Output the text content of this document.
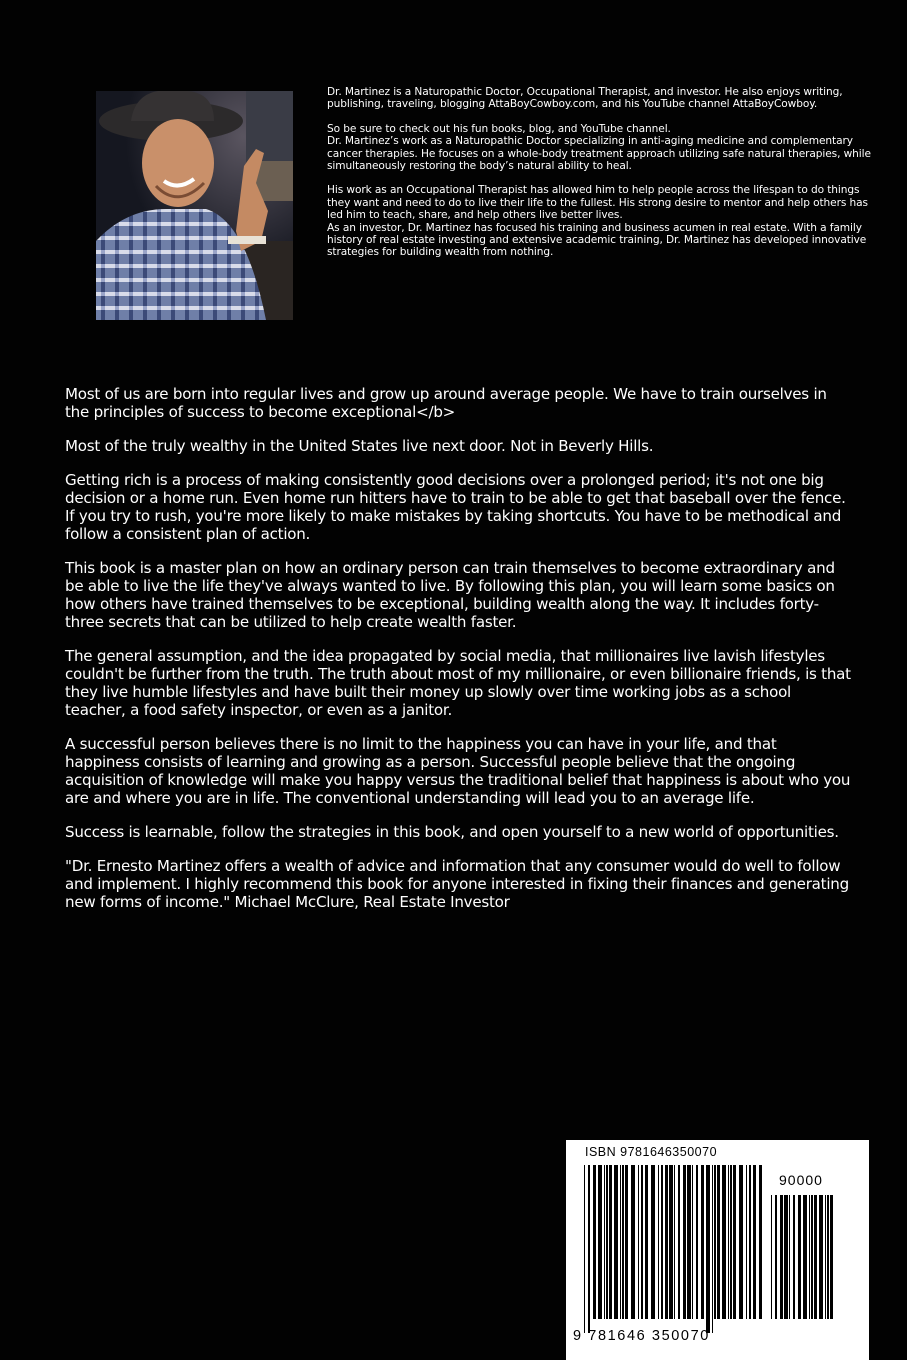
Dr. Martinez is a Naturopathic Doctor, Occupational Therapist, and investor. He also enjoys writing, publishing, traveling, blogging AttaBoyCowboy.com, and his YouTube channel AttaBoyCowboy.

So be sure to check out his fun books, blog, and YouTube channel.

Dr. Martinez’s work as a Naturopathic Doctor specializing in anti-aging medicine and complementary cancer therapies. He focuses on a whole-body treatment approach utilizing safe natural therapies, while simultaneously restoring the body’s natural ability to heal.

His work as an Occupational Therapist has allowed him to help people across the lifespan to do things they want and need to do to live their life to the fullest. His strong desire to mentor and help others has led him to teach, share, and help others live better lives.

As an investor, Dr. Martinez has focused his training and business acumen in real estate. With a family history of real estate investing and extensive academic training, Dr. Martinez has developed innovative strategies for building wealth from nothing.

Most of us are born into regular lives and grow up around average people. We have to train ourselves in the principles of success to become exceptional</b>

Most of the truly wealthy in the United States live next door. Not in Beverly Hills.

Getting rich is a process of making consistently good decisions over a prolonged period; it's not one big decision or a home run. Even home run hitters have to train to be able to get that baseball over the fence. If you try to rush, you're more likely to make mistakes by taking shortcuts. You have to be methodical and follow a consistent plan of action.

This book is a master plan on how an ordinary person can train themselves to become extraordinary and be able to live the life they've always wanted to live. By following this plan, you will learn some basics on how others have trained themselves to be exceptional, building wealth along the way. It includes forty-three secrets that can be utilized to help create wealth faster.

The general assumption, and the idea propagated by social media, that millionaires live lavish lifestyles couldn't be further from the truth. The truth about most of my millionaire, or even billionaire friends, is that they live humble lifestyles and have built their money up slowly over time working jobs as a school teacher, a food safety inspector, or even as a janitor.

A successful person believes there is no limit to the happiness you can have in your life, and that happiness consists of learning and growing as a person. Successful people believe that the ongoing acquisition of knowledge will make you happy versus the traditional belief that happiness is about who you are and where you are in life. The conventional understanding will lead you to an average life.

Success is learnable, follow the strategies in this book, and open yourself to a new world of opportunities.

"Dr. Ernesto Martinez offers a wealth of advice and information that any consumer would do well to follow and implement. I highly recommend this book for anyone interested in fixing their finances and generating new forms of income." Michael McClure, Real Estate Investor

ISBN 9781646350070
90000
9 781646 350070
